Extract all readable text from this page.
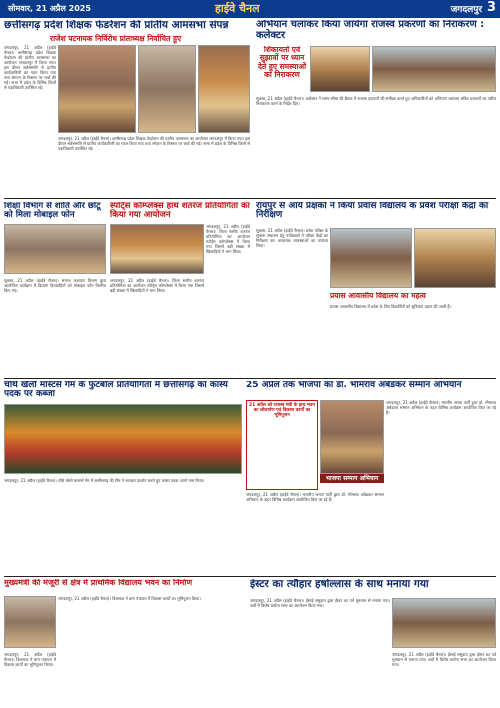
सोमवार, 21 अप्रैल 2025	हाईवे चैनल	जगदलपुर 3
छत्तीसगढ़ प्रदेश शिक्षक फेडरेशन की प्रांतीय आमसभा संपन्न
राजेश पटनायक निर्विरोध प्रांताध्यक्ष निर्वाचित हुए
जगदलपुर, 21 अप्रैल (हाईवे चैनल)। छत्तीसगढ़ प्रदेश शिक्षक फेडरेशन की प्रांतीय आमसभा का आयोजन जगदलपुर में किया गया। इस दौरान सर्वसम्मति से प्रांतीय कार्यकारिणी का गठन किया गया तथा संगठन के विस्तार पर चर्चा की गई। सभा में प्रदेश के विभिन्न जिलों से पदाधिकारी उपस्थित रहे।
जगदलपुर, 21 अप्रैल (हाईवे चैनल)। छत्तीसगढ़ प्रदेश शिक्षक फेडरेशन की प्रांतीय आमसभा का आयोजन जगदलपुर में किया गया। इस दौरान सर्वसम्मति से प्रांतीय कार्यकारिणी का गठन किया गया तथा संगठन के विस्तार पर चर्चा की गई। सभा में प्रदेश के विभिन्न जिलों से पदाधिकारी उपस्थित रहे।
अभियान चलाकर किया जायेगा राजस्व प्रकरणों का निराकरण : कलेक्टर
शिकायतों एवं सुझावों पर ध्यान देते हुए समस्याओं का निराकरण
सुकमा, 21 अप्रैल (हाईवे चैनल)। कलेक्टर ने समय-सीमा की बैठक में राजस्व प्रकरणों की समीक्षा करते हुए अधिकारियों को अभियान चलाकर लंबित प्रकरणों का त्वरित निराकरण करने के निर्देश दिए।
शिक्षा विभाग से शांति और छोटू को मिला मोबाइल फोन
सुकमा, 21 अप्रैल (हाईवे चैनल)। समाज कल्याण विभाग द्वारा आयोजित कार्यक्रम में दिव्यांग हितग्राहियों को मोबाइल फोन वितरित किए गए।
स्पोर्ट्स कॉम्प्लेक्स हाथ शतरंज प्रतियोगिता का किया गया आयोजन
जगदलपुर, 21 अप्रैल (हाईवे चैनल)। जिला स्तरीय शतरंज प्रतियोगिता का आयोजन स्पोर्ट्स कॉम्प्लेक्स में किया गया जिसमें बड़ी संख्या में खिलाड़ियों ने भाग लिया।
जगदलपुर, 21 अप्रैल (हाईवे चैनल)। जिला स्तरीय शतरंज प्रतियोगिता का आयोजन स्पोर्ट्स कॉम्प्लेक्स में किया गया जिसमें बड़ी संख्या में खिलाड़ियों ने भाग लिया।
रायपुर से आये प्रेक्षकों ने किया प्रवास विद्यालय के प्रवेश परीक्षा केंद्रों का निरीक्षण
सुकमा, 21 अप्रैल (हाईवे चैनल)। प्रवेश परीक्षा के सुचारू संचालन हेतु पर्यवेक्षकों ने परीक्षा केंद्रों का निरीक्षण कर आवश्यक व्यवस्थाओं का जायजा लिया।
प्रयास आवासीय विद्यालय का महत्व
प्रयास आवासीय विद्यालय में प्रवेश के लिए विद्यार्थियों को सुविधाएं प्रदान की जाती हैं।
चौथे खेलो मास्टर्स गेम के फुटबॉल प्रतियोगिता में छत्तीसगढ़ का कांस्य पदक पर कब्जा
जगदलपुर, 21 अप्रैल (हाईवे चैनल)। चौथे खेलो मास्टर्स गेम में छत्तीसगढ़ की टीम ने शानदार प्रदर्शन करते हुए कांस्य पदक अपने नाम किया।
25 अप्रैल तक भाजपा का डा. भीमराव अंबेडकर सम्मान अभियान
21 अप्रैल को राजस्व मंत्री के हाथ भवन का लोकार्पण एवं विकास कार्यों का भूमिपूजन
भाजपा सम्मान अभियान
जगदलपुर, 21 अप्रैल (हाईवे चैनल)। भारतीय जनता पार्टी द्वारा डॉ. भीमराव अंबेडकर सम्मान अभियान के तहत विभिन्न कार्यक्रम आयोजित किए जा रहे हैं।
जगदलपुर, 21 अप्रैल (हाईवे चैनल)। भारतीय जनता पार्टी द्वारा डॉ. भीमराव अंबेडकर सम्मान अभियान के तहत विभिन्न कार्यक्रम आयोजित किए जा रहे हैं।
मुख्यमंत्री की मंजूरी से क्षेत्र में प्राथमिक विद्यालय भवन का निर्माण
जगदलपुर, 21 अप्रैल (हाईवे चैनल)। विधायक ने ग्राम पंचायत में विकास कार्यों का भूमिपूजन किया।
जगदलपुर, 21 अप्रैल (हाईवे चैनल)। विधायक ने ग्राम पंचायत में विकास कार्यों का भूमिपूजन किया।
ईस्टर का त्यौहार हर्षोल्लास के साथ मनाया गया
जगदलपुर, 21 अप्रैल (हाईवे चैनल)। ईसाई समुदाय द्वारा ईस्टर का पर्व धूमधाम से मनाया गया। चर्चों में विशेष प्रार्थना सभा का आयोजन किया गया।
जगदलपुर, 21 अप्रैल (हाईवे चैनल)। ईसाई समुदाय द्वारा ईस्टर का पर्व धूमधाम से मनाया गया। चर्चों में विशेष प्रार्थना सभा का आयोजन किया गया।
